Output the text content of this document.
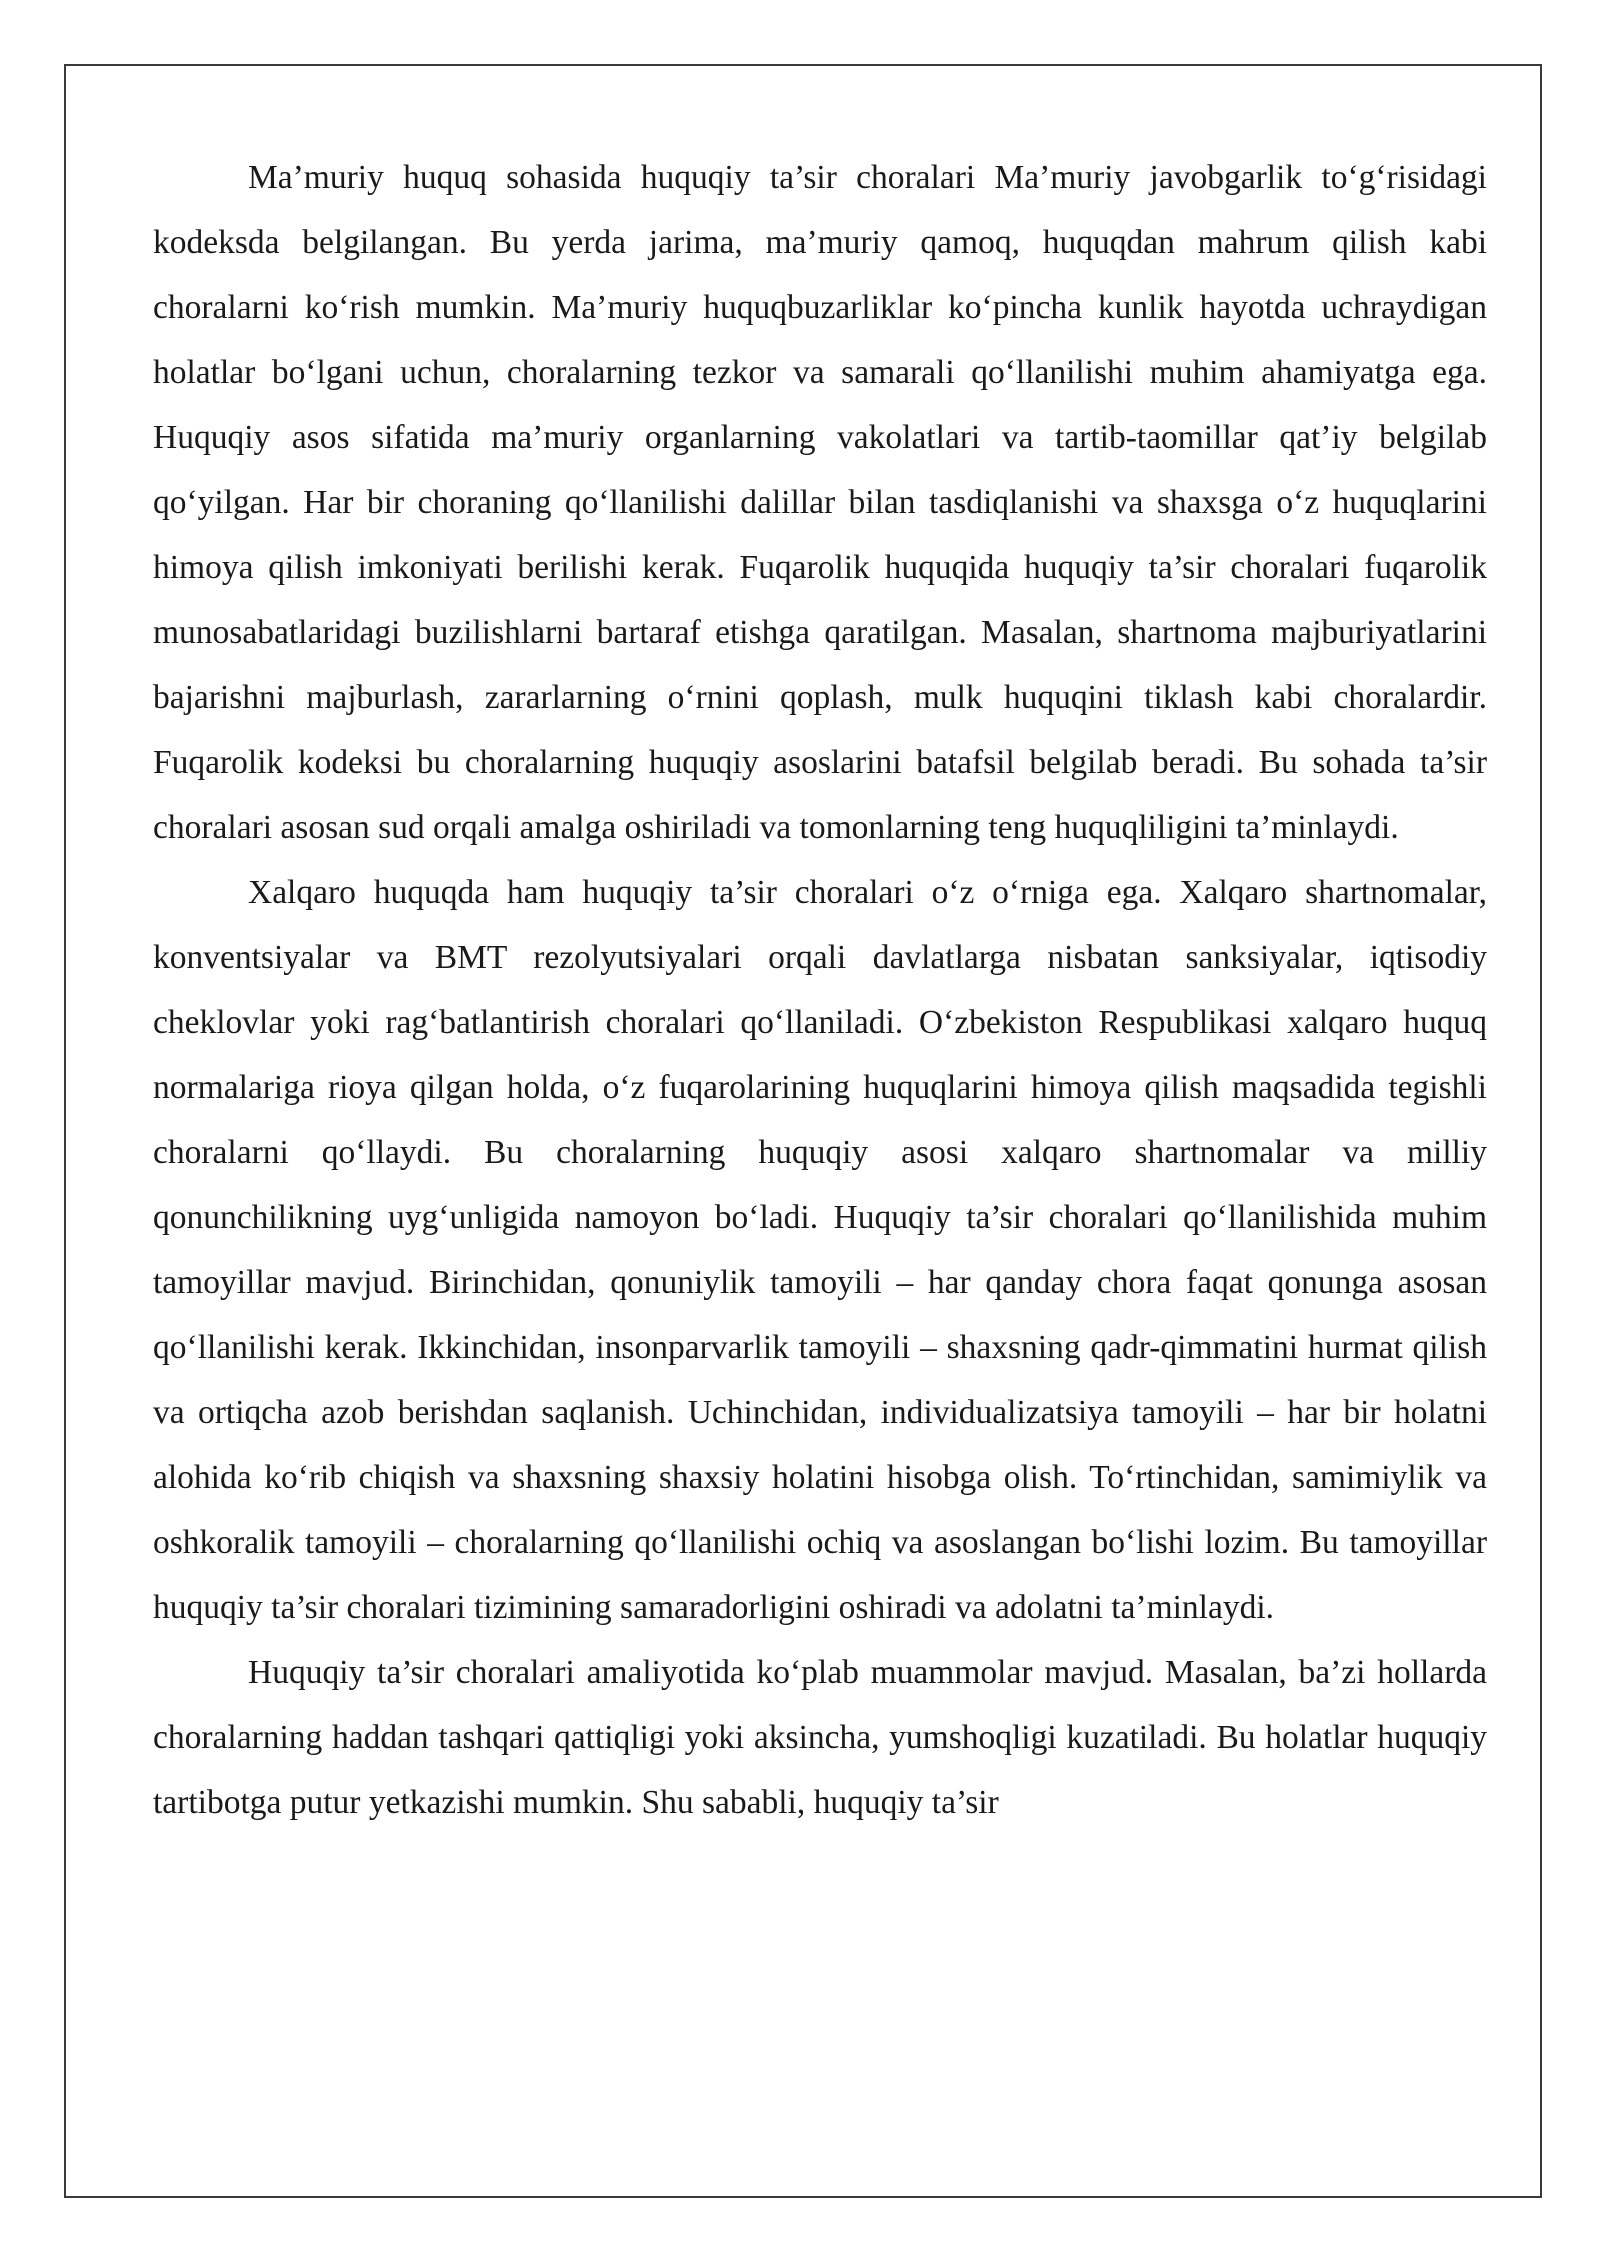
Ma’muriy huquq sohasida huquqiy ta’sir choralari Ma’muriy javobgarlik to‘g‘risidagi kodeksda belgilangan. Bu yerda jarima, ma’muriy qamoq, huquqdan mahrum qilish kabi choralarni ko‘rish mumkin. Ma’muriy huquqbuzarliklar ko‘pincha kunlik hayotda uchraydigan holatlar bo‘lgani uchun, choralarning tezkor va samarali qo‘llanilishi muhim ahamiyatga ega. Huquqiy asos sifatida ma’muriy organlarning vakolatlari va tartib-taomillar qat’iy belgilab qo‘yilgan. Har bir choraning qo‘llanilishi dalillar bilan tasdiqlanishi va shaxsga o‘z huquqlarini himoya qilish imkoniyati berilishi kerak. Fuqarolik huquqida huquqiy ta’sir choralari fuqarolik munosabatlaridagi buzilishlarni bartaraf etishga qaratilgan. Masalan, shartnoma majburiyatlarini bajarishni majburlash, zararlarning o‘rnini qoplash, mulk huquqini tiklash kabi choralardir. Fuqarolik kodeksi bu choralarning huquqiy asoslarini batafsil belgilab beradi. Bu sohada ta’sir choralari asosan sud orqali amalga oshiriladi va tomonlarning teng huquqliligini ta’minlaydi.

Xalqaro huquqda ham huquqiy ta’sir choralari o‘z o‘rniga ega. Xalqaro shartnomalar, konventsiyalar va BMT rezolyutsiyalari orqali davlatlarga nisbatan sanksiyalar, iqtisodiy cheklovlar yoki rag‘batlantirish choralari qo‘llaniladi. O‘zbekiston Respublikasi xalqaro huquq normalariga rioya qilgan holda, o‘z fuqarolarining huquqlarini himoya qilish maqsadida tegishli choralarni qo‘llaydi. Bu choralarning huquqiy asosi xalqaro shartnomalar va milliy qonunchilikning uyg‘unligida namoyon bo‘ladi. Huquqiy ta’sir choralari qo‘llanilishida muhim tamoyillar mavjud. Birinchidan, qonuniylik tamoyili – har qanday chora faqat qonunga asosan qo‘llanilishi kerak. Ikkinchidan, insonparvarlik tamoyili – shaxsning qadr-qimmatini hurmat qilish va ortiqcha azob berishdan saqlanish. Uchinchidan, individualizatsiya tamoyili – har bir holatni alohida ko‘rib chiqish va shaxsning shaxsiy holatini hisobga olish. To‘rtinchidan, samimiylik va oshkoralik tamoyili – choralarning qo‘llanilishi ochiq va asoslangan bo‘lishi lozim. Bu tamoyillar huquqiy ta’sir choralari tizimining samaradorligini oshiradi va adolatni ta’minlaydi.

Huquqiy ta’sir choralari amaliyotida ko‘plab muammolar mavjud. Masalan, ba’zi hollarda choralarning haddan tashqari qattiqligi yoki aksincha, yumshoqligi kuzatiladi. Bu holatlar huquqiy tartibotga putur yetkazishi mumkin. Shu sababli, huquqiy ta’sir
